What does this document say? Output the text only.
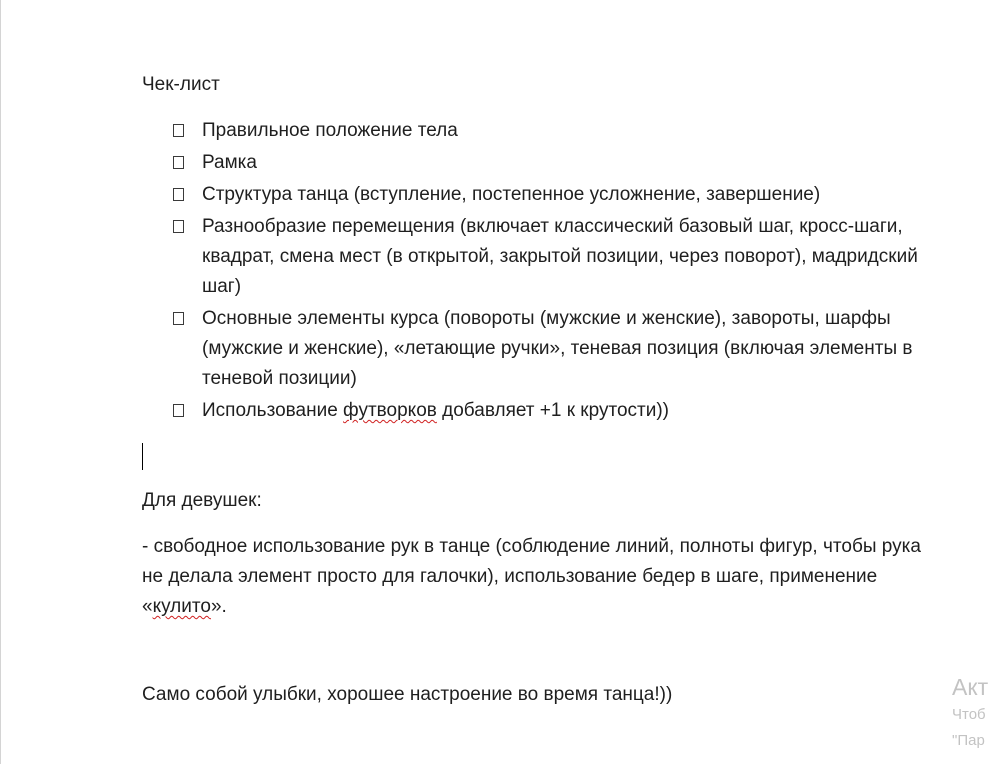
Чек-лист
Правильное положение тела
Рамка
Структура танца (вступление, постепенное усложнение, завершение)
Разнообразие перемещения (включает классический базовый шаг, кросс-шаги, квадрат, смена мест (в открытой, закрытой позиции, через поворот), мадридский шаг)
Основные элементы курса (повороты (мужские и женские), завороты, шарфы (мужские и женские), «летающие ручки», теневая позиция (включая элементы в теневой позиции)
Использование футворков добавляет +1 к крутости))
Для девушек:

- свободное использование рук в танце (соблюдение линий, полноты фигур, чтобы рука не делала элемент просто для галочки), использование бедер в шаге, применение «кулито».

Само собой улыбки, хорошее настроение во время танца!))	Акт
Чтоб
"Пар
